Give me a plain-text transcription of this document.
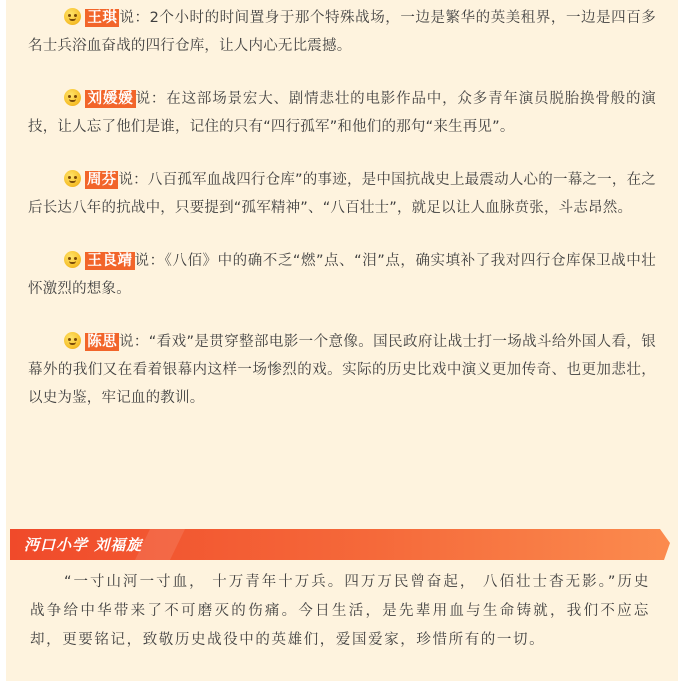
王琪 说：2个小时的时间置身于那个特殊战场，一边是繁华的英美租界，一边是四百多名士兵浴血奋战的四行仓库，让人内心无比震撼。

刘媛媛 说：在这部场景宏大、剧情悲壮的电影作品中，众多青年演员脱胎换骨般的演技，让人忘了他们是谁，记住的只有“四行孤军”和他们的那句“来生再见”。

周芬 说：八百孤军血战四行仓库”的事迹，是中国抗战史上最震动人心的一幕之一，在之后长达八年的抗战中，只要提到“孤军精神”、“八百壮士”，就足以让人血脉贲张，斗志昂然。

王良靖 说：《八佰》中的确不乏“燃”点、“泪”点，确实填补了我对四行仓库保卫战中壮怀激烈的想象。

陈思 说：“看戏”是贯穿整部电影一个意像。国民政府让战士打一场战斗给外国人看，银幕外的我们又在看着银幕内这样一场惨烈的戏。实际的历史比戏中演义更加传奇、也更加悲壮，以史为鉴，牢记血的教训。

沔口小学 刘福旋

“一寸山河一寸血， 十万青年十万兵。四万万民曾奋起， 八佰壮士杳无影。”历史战争给中华带来了不可磨灭的伤痛。今日生活，是先辈用血与生命铸就，我们不应忘却，更要铭记，致敬历史战役中的英雄们，爱国爱家，珍惜所有的一切。
